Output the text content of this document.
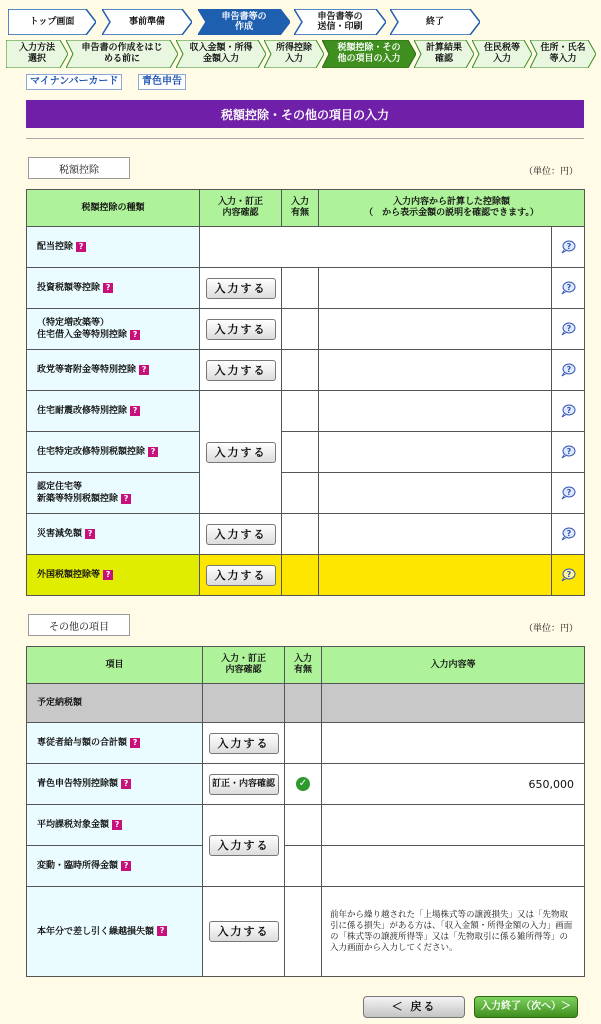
トップ画面	事前準備	申告書等の
作成
申告書等の
送信・印刷	終了
入力方法
選択
申告書の作成をはじ
める前に
収入金額・所得
金額入力
所得控除
入力
税額控除・その
他の項目の入力
計算結果
確認
住民税等
入力
住所・氏名
等入力
マイナンバーカード	青色申告
税額控除・その他の項目の入力
税額控除	（単位：円）
税額控除の種類	入力・訂正
内容確認	入力
有無	入力内容から計算した控除額
（　から表示金額の説明を確認できます。）	
配当控除 ?				?

投資税額等控除 ?	入力する			?

（特定増改築等）
住宅借入金等特別控除 ?	入力する			?

政党等寄附金等特別控除 ?	入力する			?

住宅耐震改修特別控除 ?	入力する			?

住宅特定改修特別税額控除 ?				?

認定住宅等
新築等特別税額控除 ?				?

災害減免額 ?	入力する			?

外国税額控除等 ?	入力する			?
その他の項目	（単位：円）
項目	入力・訂正
内容確認	入力
有無	入力内容等
予定納税額			
専従者給与額の合計額 ?	入力する		

青色申告特別控除額 ?	訂正・内容確認	✓	650,000
平均課税対象金額 ?	入力する		

変動・臨時所得金額 ?			
本年分で差し引く繰越損失額 ?	入力する		前年から繰り越された「上場株式等の譲渡損失」又は「先物取引に係る損失」がある方は、「収入金額・所得金額の入力」画面の「株式等の譲渡所得等」又は「先物取引に係る雑所得等」の入力画面から入力してください。
＜ 戻る	入力終了（次へ）＞
